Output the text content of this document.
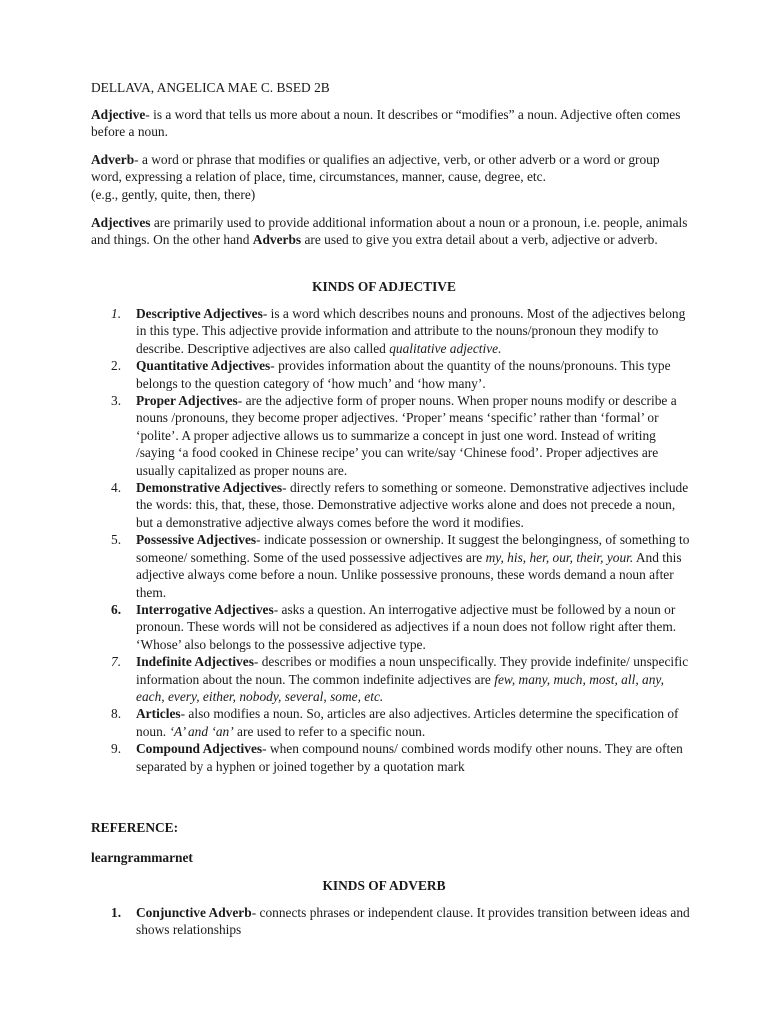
DELLAVA, ANGELICA MAE C. BSED 2B
Adjective- is a word that tells us more about a noun. It describes or “modifies” a noun. Adjective often comes before a noun.
Adverb- a word or phrase that modifies or qualifies an adjective, verb, or other adverb or a word or group word, expressing a relation of place, time, circumstances, manner, cause, degree, etc.
(e.g., gently, quite, then, there)
Adjectives are primarily used to provide additional information about a noun or a pronoun, i.e. people, animals and things. On the other hand Adverbs are used to give you extra detail about a verb, adjective or adverb.
KINDS OF ADJECTIVE
1.	Descriptive Adjectives- is a word which describes nouns and pronouns. Most of the adjectives belong in this type. This adjective provide information and attribute to the nouns/pronoun they modify to describe. Descriptive adjectives are also called qualitative adjective.
2.	Quantitative Adjectives- provides information about the quantity of the nouns/pronouns. This type belongs to the question category of ‘how much’ and ‘how many’.
3.	Proper Adjectives- are the adjective form of proper nouns. When proper nouns modify or describe a nouns /pronouns, they become proper adjectives. ‘Proper’ means ‘specific’ rather than ‘formal’ or ‘polite’. A proper adjective allows us to summarize a concept in just one word. Instead of writing /saying ‘a food cooked in Chinese recipe’ you can write/say ‘Chinese food’. Proper adjectives are usually capitalized as proper nouns are.
4.	Demonstrative Adjectives- directly refers to something or someone. Demonstrative adjectives include the words: this, that, these, those. Demonstrative adjective works alone and does not precede a noun, but a demonstrative adjective always comes before the word it modifies.
5.	Possessive Adjectives- indicate possession or ownership. It suggest the belongingness, of something to someone/ something. Some of the used possessive adjectives are my, his, her, our, their, your. And this adjective always come before a noun. Unlike possessive pronouns, these words demand a noun after them.
6.	Interrogative Adjectives- asks a question. An interrogative adjective must be followed by a noun or pronoun. These words will not be considered as adjectives if a noun does not follow right after them. ‘Whose’ also belongs to the possessive adjective type.
7.	Indefinite Adjectives- describes or modifies a noun unspecifically. They provide indefinite/ unspecific information about the noun. The common indefinite adjectives are few, many, much, most, all, any, each, every, either, nobody, several, some, etc.
8.	Articles- also modifies a noun. So, articles are also adjectives. Articles determine the specification of noun. ‘A’ and ‘an’ are used to refer to a specific noun.
9.	Compound Adjectives- when compound nouns/ combined words modify other nouns. They are often separated by a hyphen or joined together by a quotation mark
REFERENCE:
learngrammarnet
KINDS OF ADVERB
1.	Conjunctive Adverb- connects phrases or independent clause. It provides transition between ideas and shows relationships
